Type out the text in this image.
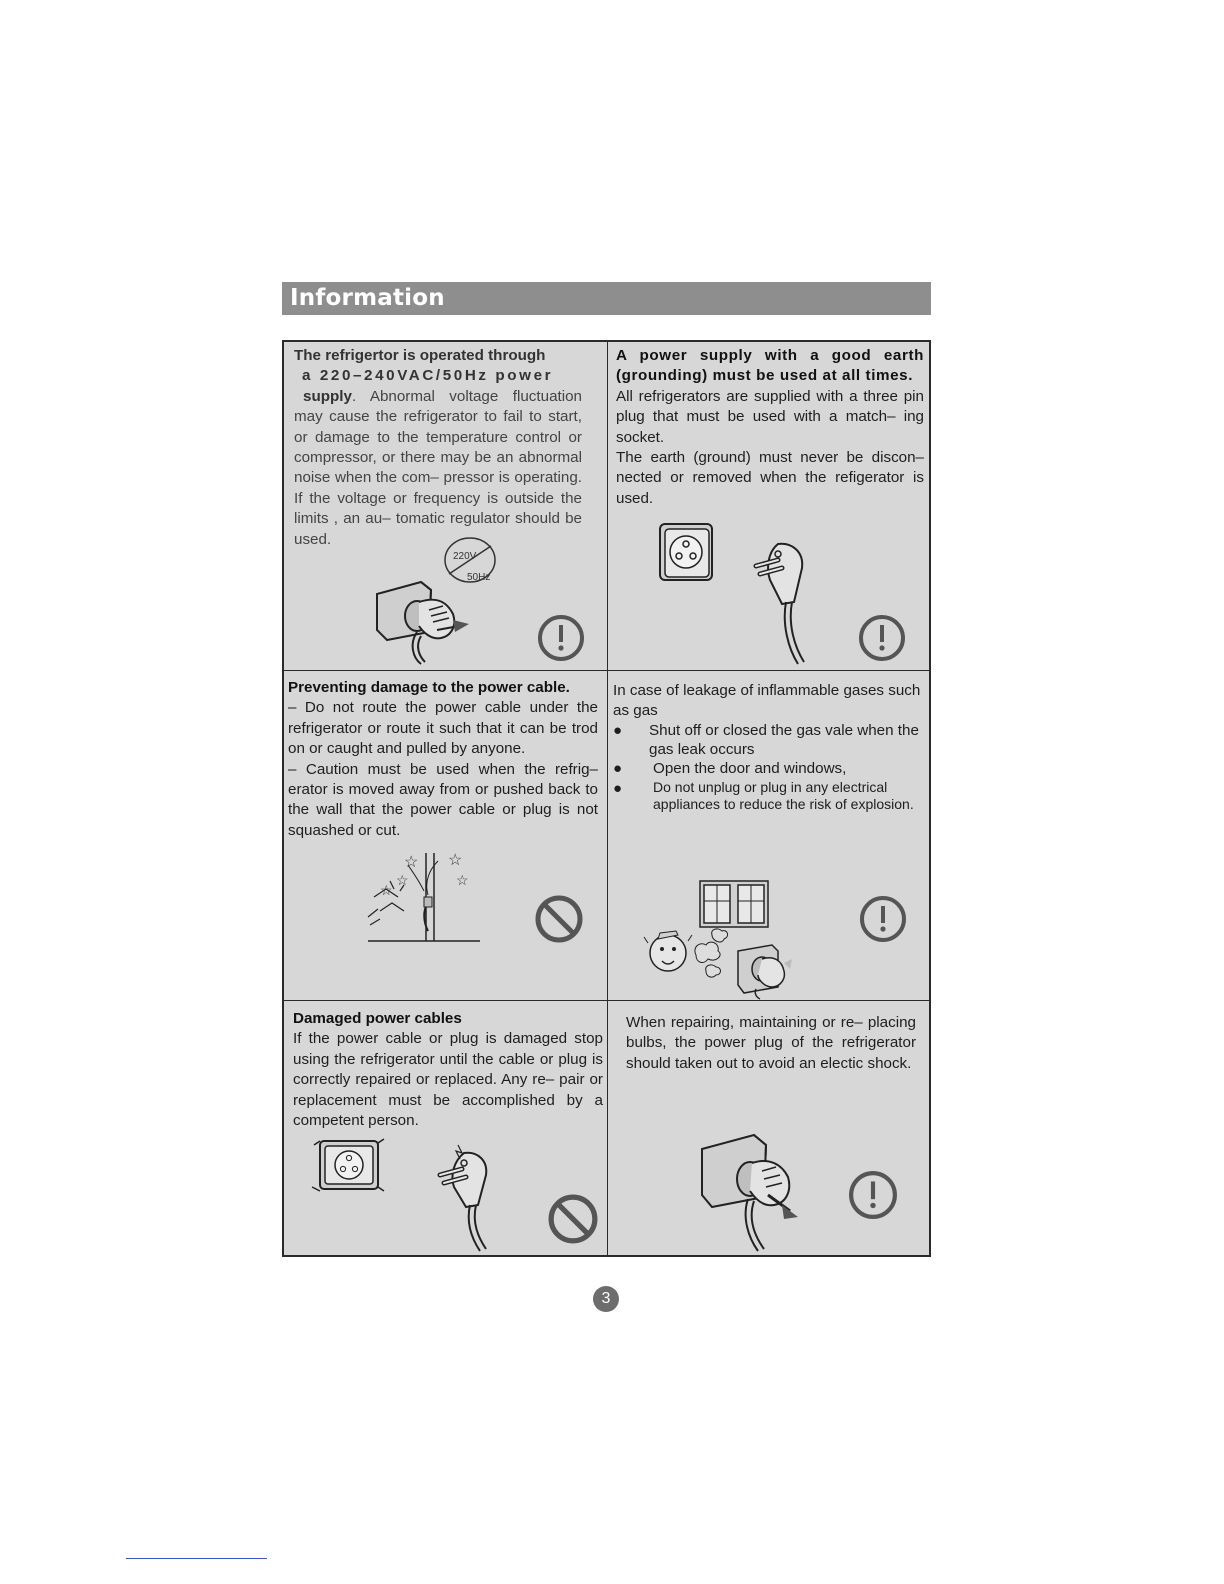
Information
The refrigertor is operated through
a 220–240VAC/50Hz power
supply. Abnormal voltage fluctuation may cause the refrigerator to fail to start, or damage to the temperature control or compressor, or there may be an abnormal noise when the com– pressor is operating. If the voltage or frequency is outside the limits , an au– tomatic regulator should be used.
220V
50Hz

A power supply with a good earth (grounding) must be used at all times.

All refrigerators are supplied with a three pin plug that must be used with a match– ing socket.

The earth (ground) must never be discon– nected or removed when the refigerator is used.

Preventing damage to the power cable.

– Do not route the power cable under the refrigerator or route it such that it can be trod on or caught and pulled by anyone.

– Caution must be used when the refrig– erator is moved away from or pushed back to the wall that the power cable or plug is not squashed or cut.

☆ ☆
☆	☆
☆

In case of leakage of inflammable gases such as gas

●
Shut off or closed the gas vale when the gas leak occurs
●
Open the door and windows,
●
Do not unplug or plug in any electrical appliances to reduce the risk of explosion.

Damaged power cables

If the power cable or plug is damaged stop using the refrigerator until the cable or plug is correctly repaired or replaced. Any re– pair or replacement must be accomplished by a competent person.

When repairing, maintaining or re– placing bulbs, the power plug of the refrigerator should taken out to avoid an electic shock.

3
